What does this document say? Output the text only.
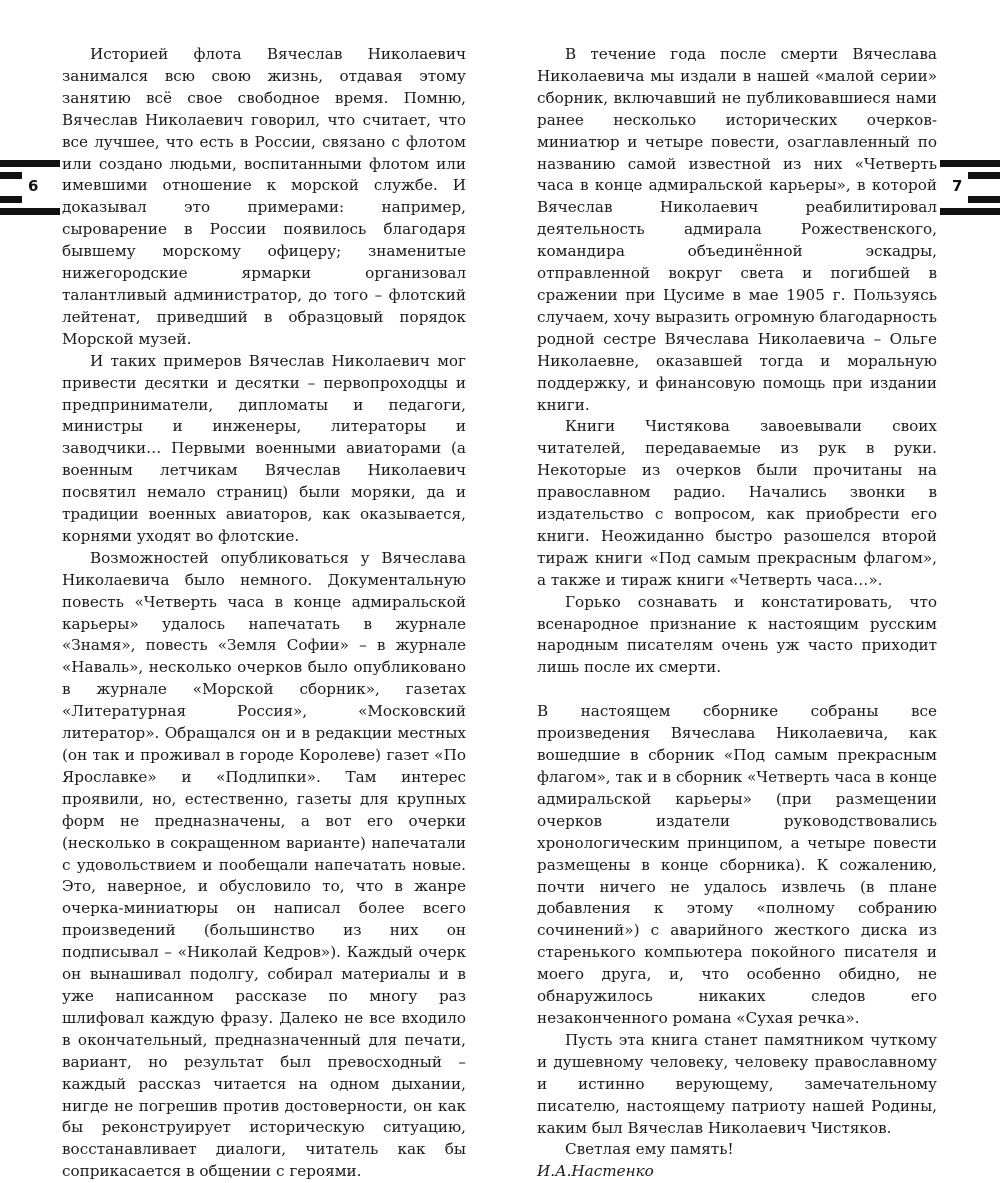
6	7

Историей флота Вячеслав Николаевич занимался всю свою жизнь, отдавая этому занятию всё свое свободное время. Помню, Вячеслав Николаевич говорил, что считает, что все лучшее, что есть в России, связано с флотом или создано людьми, воспитанными флотом или имевшими отношение к морской службе. И доказывал это примерами: например, сыроварение в России появилось благодаря бывшему морскому офицеру; знаменитые нижегородские ярмарки организовал талантливый администратор, до того – флотский лейтенат, приведший в образцовый порядок Морской музей.

И таких примеров Вячеслав Николаевич мог привести десятки и десятки – первопроходцы и предприниматели, дипломаты и педагоги, министры и инженеры, литераторы и заводчики… Первыми военными авиаторами (а военным летчикам Вячеслав Николаевич посвятил немало страниц) были моряки, да и традиции военных авиаторов, как оказывается, корнями уходят во флотские.

Возможностей опубликоваться у Вячеслава Николаевича было немного. Документальную повесть «Четверть часа в конце адмиральской карьеры» удалось напечатать в журнале «Знамя», повесть «Земля Софии» – в журнале «Наваль», несколько очерков было опубликовано в журнале «Морской сборник», газетах «Литературная Россия», «Московский литератор». Обращался он и в редакции местных (он так и проживал в городе Королеве) газет «По Ярославке» и «Подлипки». Там интерес проявили, но, естественно, газеты для крупных форм не предназначены, а вот его очерки (несколько в сокращенном варианте) напечатали с удовольствием и пообещали напечатать новые. Это, наверное, и обусловило то, что в жанре очерка-миниатюры он написал более всего произведений (большинство из них он подписывал – «Николай Кедров»). Каждый очерк он вынашивал подолгу, собирал материалы и в уже написанном рассказе по многу раз шлифовал каждую фразу. Далеко не все входило в окончательный, предназначенный для печати, вариант, но результат был превосходный – каждый рассказ читается на одном дыхании, нигде не погрешив против достоверности, он как бы реконструирует историческую ситуацию, восстанавливает диалоги, читатель как бы соприкасается в общении с героями.

В течение года после смерти Вячеслава Николаевича мы издали в нашей «малой серии» сборник, включавший не публиковавшиеся нами ранее несколько исторических очерков-миниатюр и четыре повести, озаглавленный по названию самой известной из них «Четверть часа в конце адмиральской карьеры», в которой Вячеслав Николаевич реабилитировал деятельность адмирала Рожественского, командира объединённой эскадры, отправленной вокруг света и погибшей в сражении при Цусиме в мае 1905 г. Пользуясь случаем, хочу выразить огромную благодарность родной сестре Вячеслава Николаевича – Ольге Николаевне, оказавшей тогда и моральную поддержку, и финансовую помощь при издании книги.

Книги Чистякова завоевывали своих читателей, передаваемые из рук в руки. Некоторые из очерков были прочитаны на православном радио. Начались звонки в издательство с вопросом, как приобрести его книги. Неожиданно быстро разошелся второй тираж книги «Под самым прекрасным флагом», а также и тираж книги «Четверть часа…».

Горько сознавать и констатировать, что всенародное признание к настоящим русским народным писателям очень уж часто приходит лишь после их смерти.

В настоящем сборнике собраны все произведения Вячеслава Николаевича, как вошедшие в сборник «Под самым прекрасным флагом», так и в сборник «Четверть часа в конце адмиральской карьеры» (при размещении очерков издатели руководствовались хронологическим принципом, а четыре повести размещены в конце сборника). К сожалению, почти ничего не удалось извлечь (в плане добавления к этому «полному собранию сочинений») с аварийного жесткого диска из старенького компьютера покойного писателя и моего друга, и, что особенно обидно, не обнаружилось никаких следов его незаконченного романа «Сухая речка».

Пусть эта книга станет памятником чуткому и душевному человеку, человеку православному и истинно верующему, замечательному писателю, настоящему патриоту нашей Родины, каким был Вячеслав Николаевич Чистяков.

Светлая ему память!

И.А.Настенко
